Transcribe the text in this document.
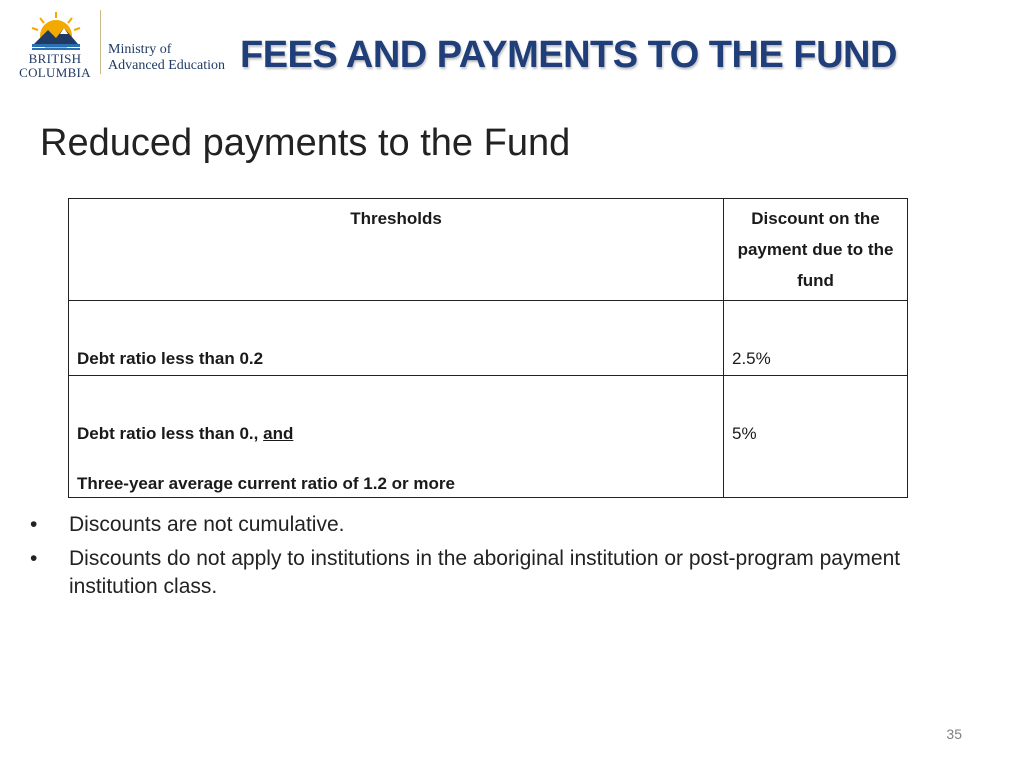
BRITISH
COLUMBIA
Ministry of
Advanced Education FEES AND PAYMENTS TO THE FUND
Reduced payments to the Fund
Thresholds	Discount on the payment due to the fund

Debt ratio less than 0.2	2.5%

Debt ratio less than 0., and
Three-year average current ratio of 1.2 or more	5%
• Discounts are not cumulative.
• Discounts do not apply to institutions in the aboriginal institution or post-program payment institution class.
35
